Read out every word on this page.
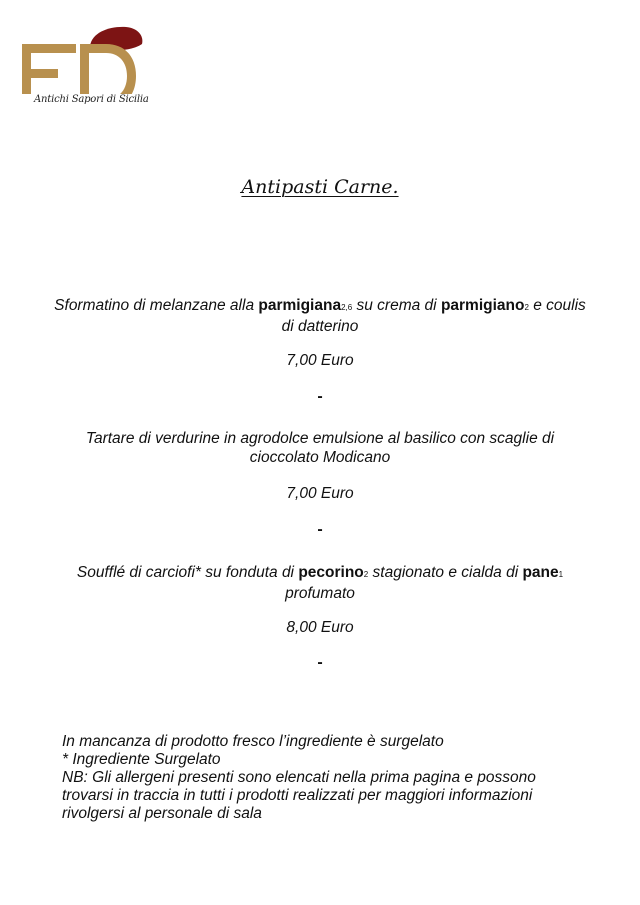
Antichi Sapori di Sicilia
Antipasti Carne.
Sformatino di melanzane alla parmigiana2,6 su crema di parmigiano2 e coulis di datterino
7,00 Euro
-
Tartare di verdurine in agrodolce emulsione al basilico con scaglie di cioccolato Modicano
7,00 Euro
-
Soufflé di carciofi* su fonduta di pecorino2 stagionato e cialda di pane1 profumato
8,00 Euro
-
In mancanza di prodotto fresco l’ingrediente è surgelato
* Ingrediente Surgelato
NB: Gli allergeni presenti sono elencati nella prima pagina e possono trovarsi in traccia in tutti i prodotti realizzati per maggiori informazioni rivolgersi al personale di sala
